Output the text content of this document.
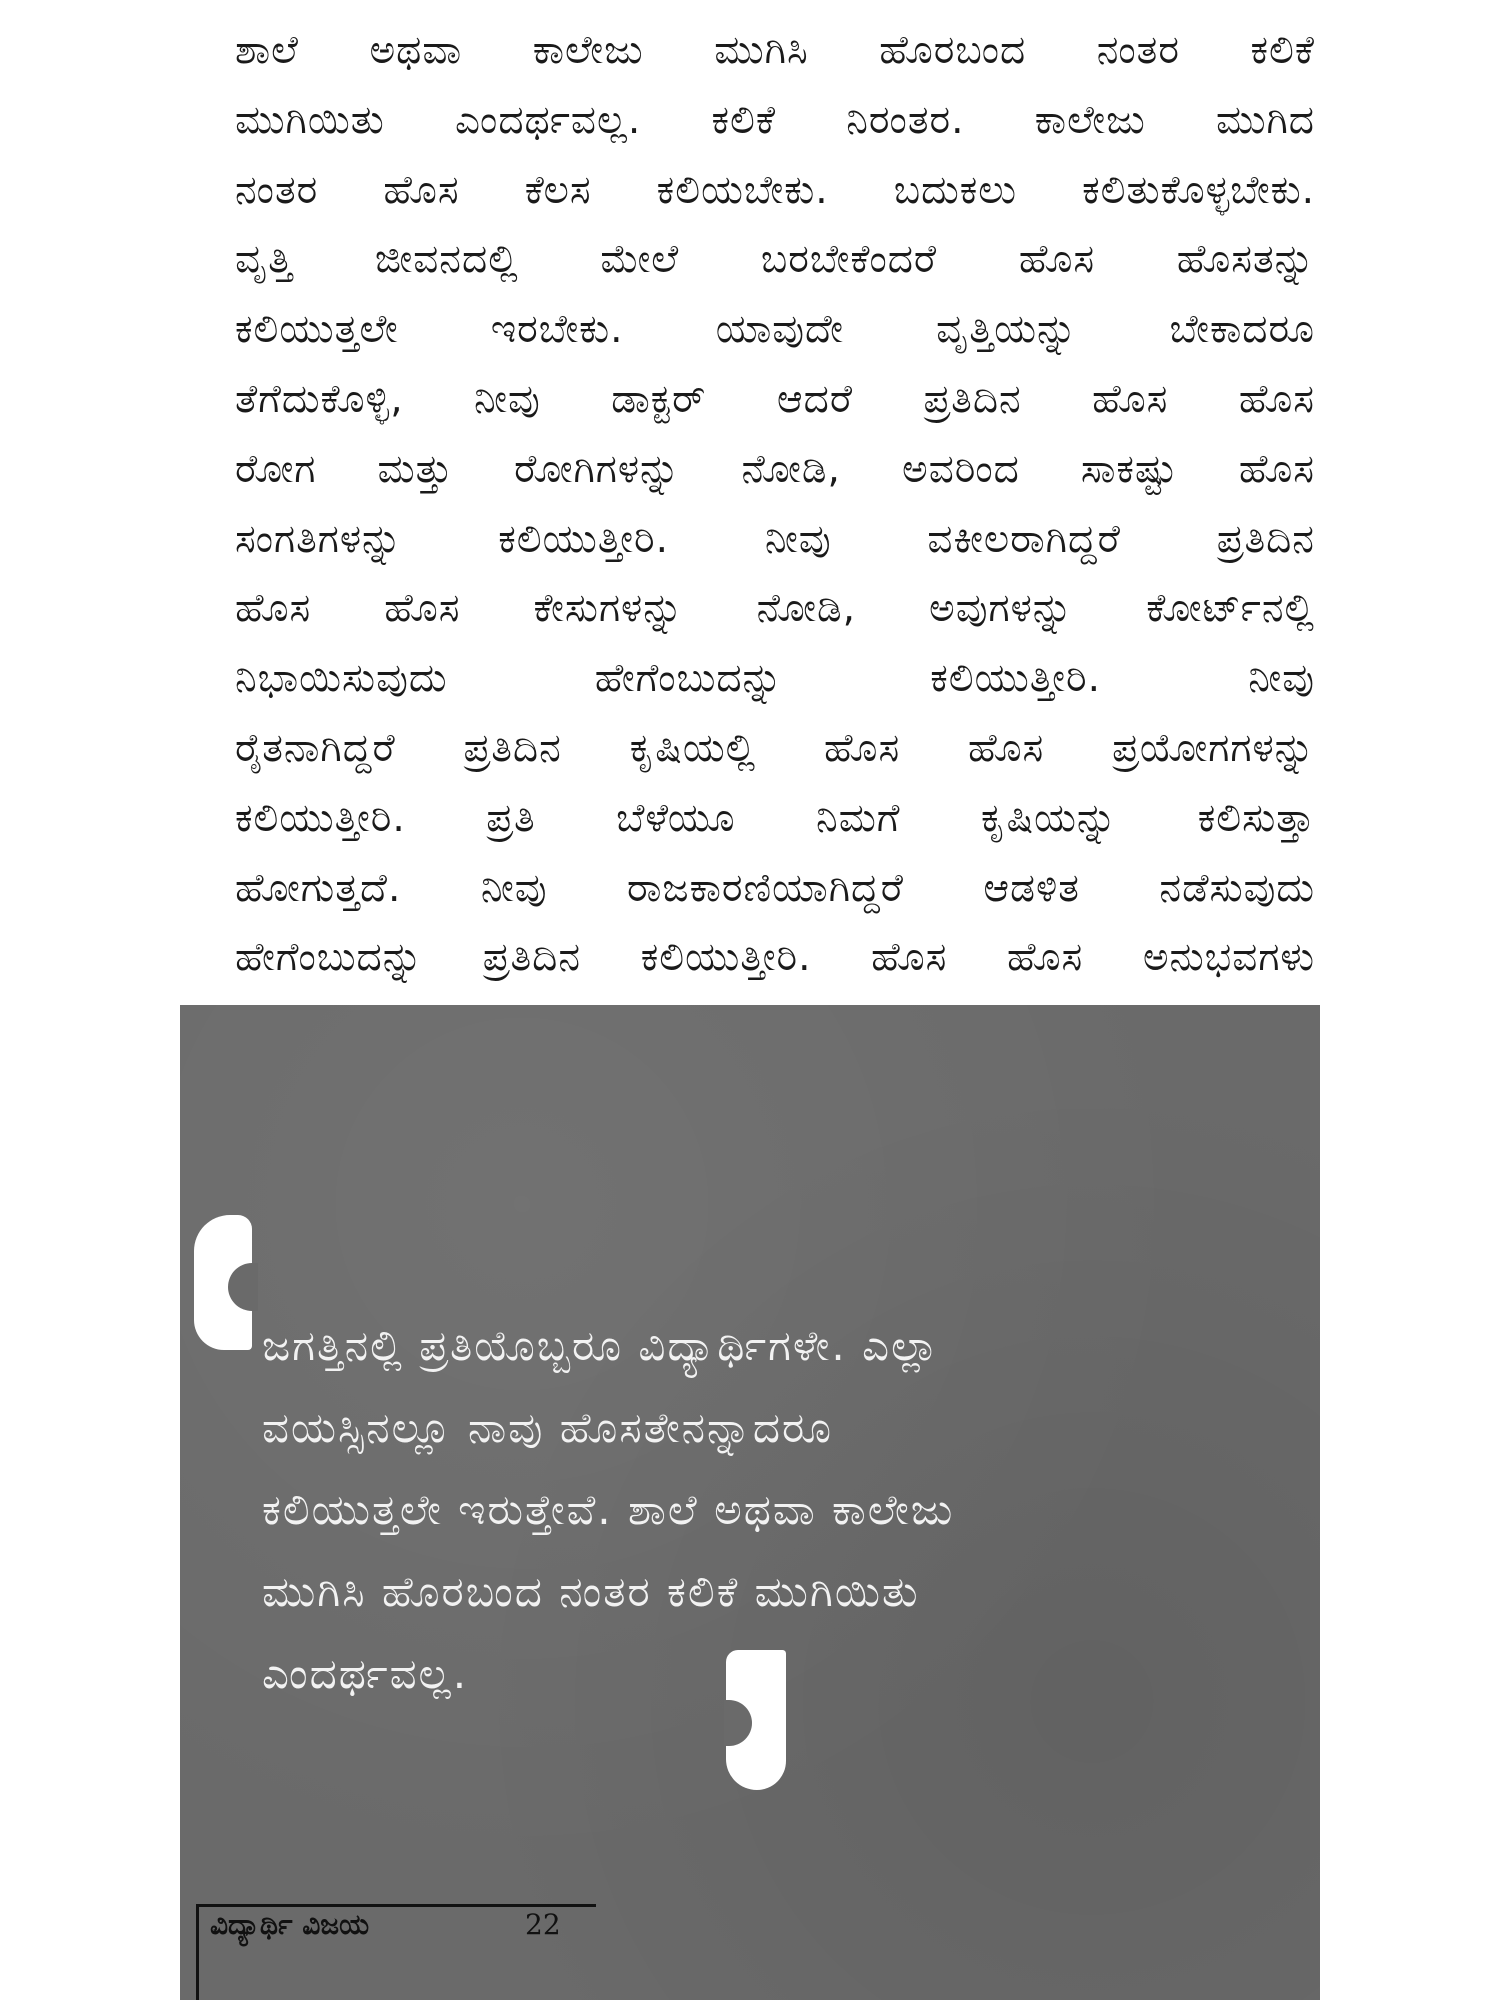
ಶಾಲೆ ಅಥವಾ ಕಾಲೇಜು ಮುಗಿಸಿ ಹೊರಬಂದ ನಂತರ ಕಲಿಕೆ
ಮುಗಿಯಿತು ಎಂದರ್ಥವಲ್ಲ. ಕಲಿಕೆ ನಿರಂತರ. ಕಾಲೇಜು ಮುಗಿದ
ನಂತರ ಹೊಸ ಕೆಲಸ ಕಲಿಯಬೇಕು. ಬದುಕಲು ಕಲಿತುಕೊಳ್ಳಬೇಕು.
ವೃತ್ತಿ ಜೀವನದಲ್ಲಿ ಮೇಲೆ ಬರಬೇಕೆಂದರೆ ಹೊಸ ಹೊಸತನ್ನು
ಕಲಿಯುತ್ತಲೇ ಇರಬೇಕು. ಯಾವುದೇ ವೃತ್ತಿಯನ್ನು ಬೇಕಾದರೂ
ತೆಗೆದುಕೊಳ್ಳಿ, ನೀವು ಡಾಕ್ಟರ್ ಆದರೆ ಪ್ರತಿದಿನ ಹೊಸ ಹೊಸ
ರೋಗ ಮತ್ತು ರೋಗಿಗಳನ್ನು ನೋಡಿ, ಅವರಿಂದ ಸಾಕಷ್ಟು ಹೊಸ
ಸಂಗತಿಗಳನ್ನು ಕಲಿಯುತ್ತೀರಿ. ನೀವು ವಕೀಲರಾಗಿದ್ದರೆ ಪ್ರತಿದಿನ
ಹೊಸ ಹೊಸ ಕೇಸುಗಳನ್ನು ನೋಡಿ, ಅವುಗಳನ್ನು ಕೋರ್ಟ್‌ನಲ್ಲಿ
ನಿಭಾಯಿಸುವುದು ಹೇಗೆಂಬುದನ್ನು ಕಲಿಯುತ್ತೀರಿ. ನೀವು
ರೈತನಾಗಿದ್ದರೆ ಪ್ರತಿದಿನ ಕೃಷಿಯಲ್ಲಿ ಹೊಸ ಹೊಸ ಪ್ರಯೋಗಗಳನ್ನು
ಕಲಿಯುತ್ತೀರಿ. ಪ್ರತಿ ಬೆಳೆಯೂ ನಿಮಗೆ ಕೃಷಿಯನ್ನು ಕಲಿಸುತ್ತಾ
ಹೋಗುತ್ತದೆ. ನೀವು ರಾಜಕಾರಣಿಯಾಗಿದ್ದರೆ ಆಡಳಿತ ನಡೆಸುವುದು
ಹೇಗೆಂಬುದನ್ನು ಪ್ರತಿದಿನ ಕಲಿಯುತ್ತೀರಿ. ಹೊಸ ಹೊಸ ಅನುಭವಗಳು
ಜಗತ್ತಿನಲ್ಲಿ ಪ್ರತಿಯೊಬ್ಬರೂ ವಿದ್ಯಾರ್ಥಿಗಳೇ. ಎಲ್ಲಾ
ವಯಸ್ಸಿನಲ್ಲೂ ನಾವು ಹೊಸತೇನನ್ನಾದರೂ
ಕಲಿಯುತ್ತಲೇ ಇರುತ್ತೇವೆ. ಶಾಲೆ ಅಥವಾ ಕಾಲೇಜು
ಮುಗಿಸಿ ಹೊರಬಂದ ನಂತರ ಕಲಿಕೆ ಮುಗಿಯಿತು
ಎಂದರ್ಥವಲ್ಲ.
ವಿದ್ಯಾರ್ಥಿ ವಿಜಯ	22
